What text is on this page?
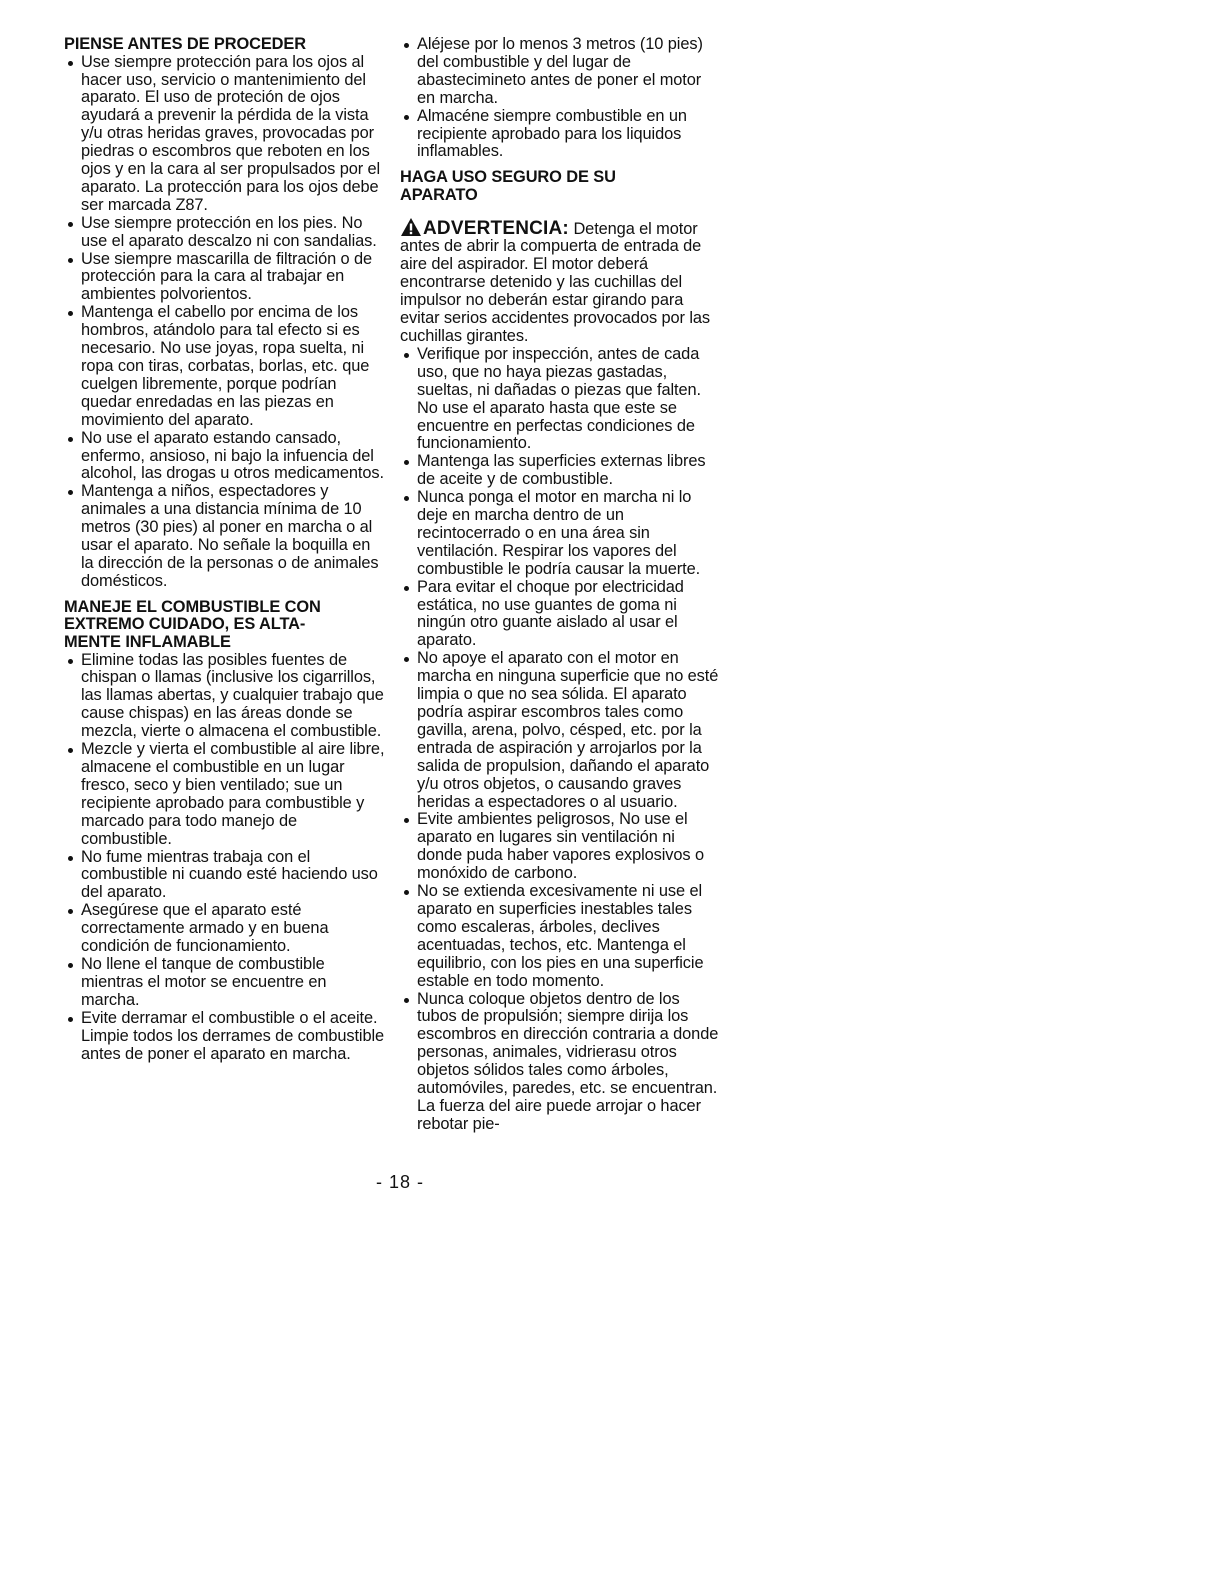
PIENSE ANTES DE PROCEDER
Use siempre protección para los ojos al hacer uso, servicio o mantenimiento del aparato. El uso de proteción de ojos ayudará a prevenir la pérdida de la vista y/u otras heridas graves, provocadas por piedras o escombros que reboten en los ojos y en la cara al ser propulsados por el aparato. La protección para los ojos debe ser marcada Z87.
Use siempre protección en los pies. No use el aparato descalzo ni con sandalias.
Use siempre mascarilla de filtración o de protección para la cara al trabajar en ambientes polvorientos.
Mantenga el cabello por encima de los hombros, atándolo para tal efecto si es necesario. No use joyas, ropa suelta, ni ropa con tiras, corbatas, borlas, etc. que cuelgen libremente, porque podrían quedar enredadas en las piezas en movimiento del aparato.
No use el aparato estando cansado, enfermo, ansioso, ni bajo la infuencia del alcohol, las drogas u otros medicamentos.
Mantenga a niños, espectadores y animales a una distancia mínima de 10 metros (30 pies) al poner en marcha o al usar el aparato. No señale la boquilla en la dirección de la personas o de animales domésticos.
MANEJE EL COMBUSTIBLE CON
EXTREMO CUIDADO, ES ALTA-
MENTE INFLAMABLE
Elimine todas las posibles fuentes de chispan o llamas (inclusive los cigarrillos, las llamas abertas, y cualquier trabajo que cause chispas) en las áreas donde se mezcla, vierte o almacena el combustible.
Mezcle y vierta el combustible al aire libre, almacene el combustible en un lugar fresco, seco y bien ventilado; sue un recipiente aprobado para combustible y marcado para todo manejo de combustible.
No fume mientras trabaja con el combustible ni cuando esté haciendo uso del aparato.
Asegúrese que el aparato esté correctamente armado y en buena condición de funcionamiento.
No llene el tanque de combustible mientras el motor se encuentre en marcha.
Evite derramar el combustible o el aceite. Limpie todos los derrames de combustible antes de poner el aparato en marcha.
Aléjese por lo menos 3 metros (10 pies) del combustible y del lugar de abastecimineto antes de poner el motor en marcha.
Almacéne siempre combustible en un recipiente aprobado para los liquidos inflamables.
HAGA USO SEGURO DE SU
APARATO

ADVERTENCIA: Detenga el motor antes de abrir la compuerta de entrada de aire del aspirador. El motor deberá encontrarse detenido y las cuchillas del impulsor no deberán estar girando para evitar serios accidentes provocados por las cuchillas girantes.

Verifique por inspección, antes de cada uso, que no haya piezas gastadas, sueltas, ni dañadas o piezas que falten. No use el aparato hasta que este se encuentre en perfectas condiciones de funcionamiento.
Mantenga las superficies externas libres de aceite y de combustible.
Nunca ponga el motor en marcha ni lo deje en marcha dentro de un recintocerrado o en una área sin ventilación. Respirar los vapores del combustible le podría causar la muerte.
Para evitar el choque por electricidad estática, no use guantes de goma ni ningún otro guante aislado al usar el aparato.
No apoye el aparato con el motor en marcha en ninguna superficie que no esté limpia o que no sea sólida. El aparato podría aspirar escombros tales como gavilla, arena, polvo, césped, etc. por la entrada de aspiración y arrojarlos por la salida de propulsion, dañando el aparato y/u otros objetos, o causando graves heridas a espectadores o al usuario.
Evite ambientes peligrosos, No use el aparato en lugares sin ventilación ni donde puda haber vapores explosivos o monóxido de carbono.
No se extienda excesivamente ni use el aparato en superficies inestables tales como escaleras, árboles, declives acentuadas, techos, etc. Mantenga el equilibrio, con los pies en una superficie estable en todo momento.
Nunca coloque objetos dentro de los tubos de propulsión; siempre dirija los escombros en dirección contraria a donde personas, animales, vidrierasu otros objetos sólidos tales como árboles, automóviles, paredes, etc. se encuentran. La fuerza del aire puede arrojar o hacer rebotar pie-
- 18 -
